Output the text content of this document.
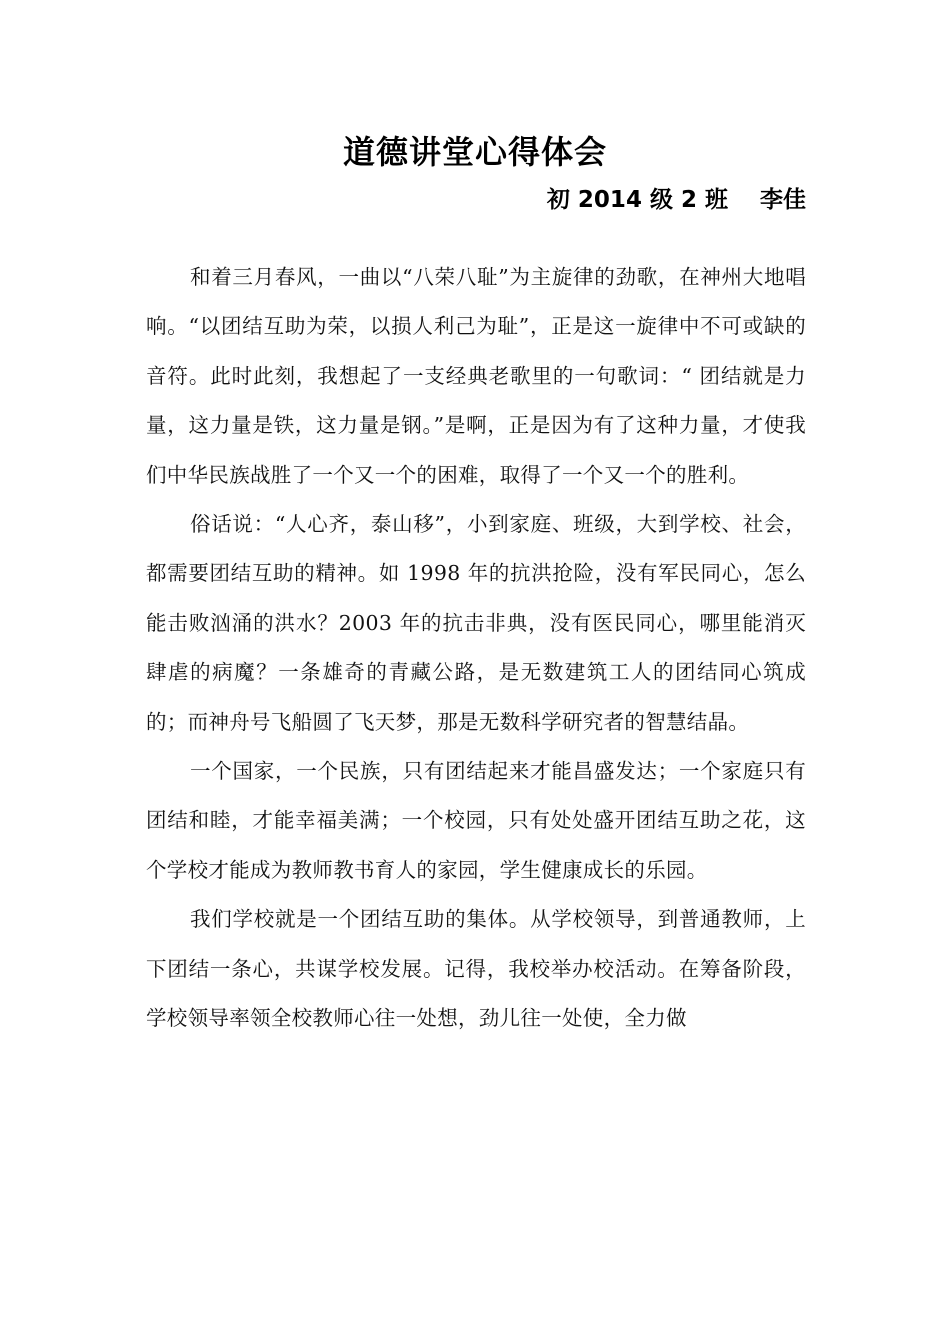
道德讲堂心得体会
初 2014 级 2 班    李佳

和着三月春风，一曲以“八荣八耻”为主旋律的劲歌，在神州大地唱响。“以团结互助为荣，以损人利己为耻”，正是这一旋律中不可或缺的音符。此时此刻，我想起了一支经典老歌里的一句歌词：“ 团结就是力量，这力量是铁，这力量是钢。”是啊，正是因为有了这种力量，才使我们中华民族战胜了一个又一个的困难，取得了一个又一个的胜利。

俗话说：“人心齐，泰山移”，小到家庭、班级，大到学校、社会，都需要团结互助的精神。如 1998 年的抗洪抢险，没有军民同心，怎么能击败汹涌的洪水？2003 年的抗击非典，没有医民同心，哪里能消灭肆虐的病魔？一条雄奇的青藏公路，是无数建筑工人的团结同心筑成的；而神舟号飞船圆了飞天梦，那是无数科学研究者的智慧结晶。

一个国家，一个民族，只有团结起来才能昌盛发达；一个家庭只有团结和睦，才能幸福美满；一个校园，只有处处盛开团结互助之花，这个学校才能成为教师教书育人的家园，学生健康成长的乐园。

我们学校就是一个团结互助的集体。从学校领导，到普通教师，上下团结一条心，共谋学校发展。记得，我校举办校活动。在筹备阶段，学校领导率领全校教师心往一处想，劲儿往一处使，全力做
